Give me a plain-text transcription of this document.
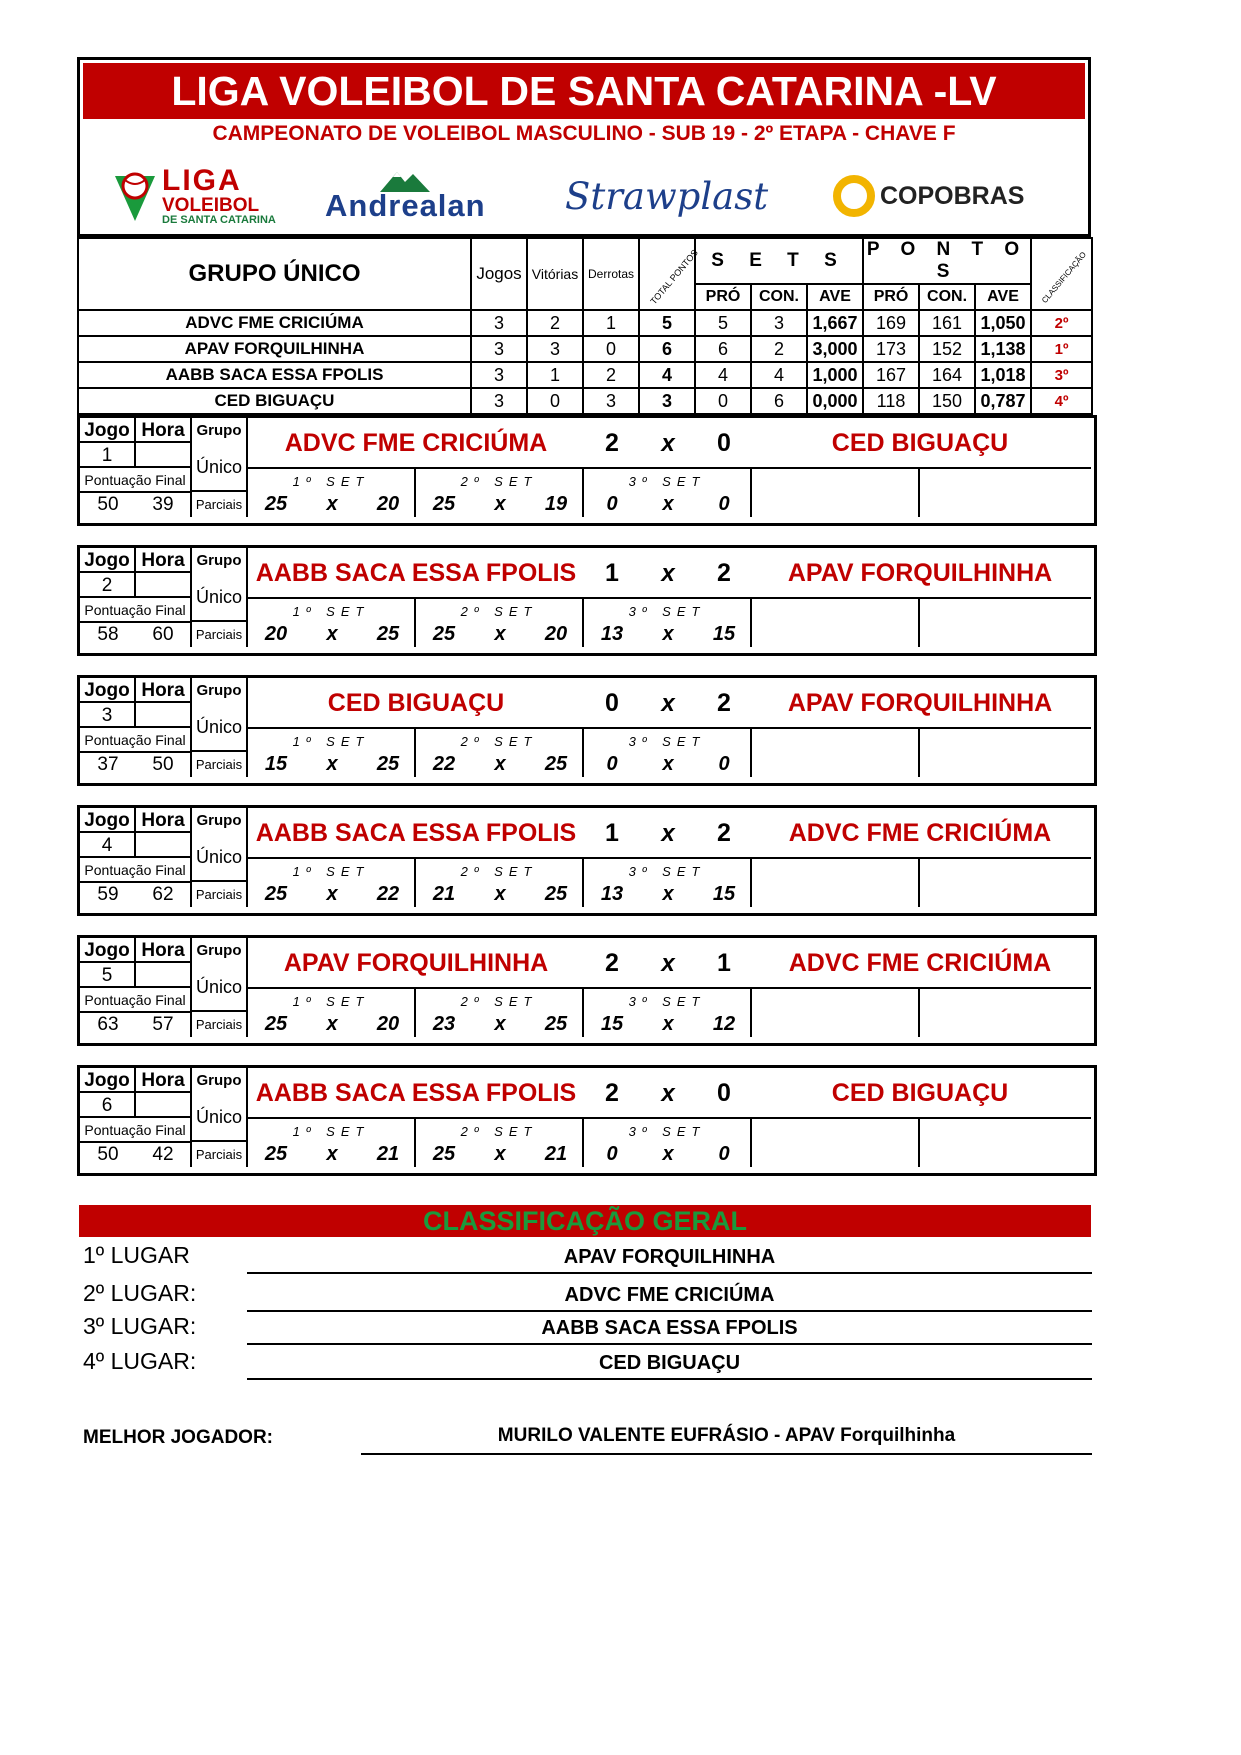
LIGA VOLEIBOL DE SANTA CATARINA -LV
CAMPEONATO DE VOLEIBOL MASCULINO - SUB 19 - 2º ETAPA - CHAVE F
LIGA
VOLEIBOL
DE SANTA CATARINA Andrealan Strawplast	COPOBRAS
GRUPO ÚNICO	Jogos	Vitórias	Derrotas	TOTAL PONTOS	S E T S			P O N T O S			CLASSIFICAÇÃO
					PRÓ	CON.	AVE	PRÓ	CON.	AVE	
ADVC FME CRICIÚMA	3	2	1	5	5	3	1,667	169	161	1,050	2º
APAV FORQUILHINHA	3	3	0	6	6	2	3,000	173	152	1,138	1º
AABB SACA ESSA FPOLIS	3	1	2	4	4	4	1,000	167	164	1,018	3º
CED BIGUAÇU	3	0	3	3	0	6	0,000	118	150	0,787	4º
Jogo Hora Grupo
1
Único
Pontuação Final
50	39	Parciais
ADVC FME CRICIÚMA	2	x	0	CED BIGUAÇU
1º SET
25	x	20
2º SET
25	x	19
3º SET
0	x	0
Jogo Hora Grupo
2
Único
Pontuação Final
58	60	Parciais
AABB SACA ESSA FPOLIS	1	x	2	APAV FORQUILHINHA
1º SET
20	x	25
2º SET
25	x	20
3º SET
13	x	15
Jogo Hora Grupo
3
Único
Pontuação Final
37	50	Parciais
CED BIGUAÇU	0	x	2	APAV FORQUILHINHA
1º SET
15	x	25
2º SET
22	x	25
3º SET
0	x	0
Jogo Hora Grupo
4
Único
Pontuação Final
59	62	Parciais
AABB SACA ESSA FPOLIS	1	x	2	ADVC FME CRICIÚMA
1º SET
25	x	22
2º SET
21	x	25
3º SET
13	x	15
Jogo Hora Grupo
5
Único
Pontuação Final
63	57	Parciais
APAV FORQUILHINHA	2	x	1	ADVC FME CRICIÚMA
1º SET
25	x	20
2º SET
23	x	25
3º SET
15	x	12
Jogo Hora Grupo
6
Único
Pontuação Final
50	42	Parciais
AABB SACA ESSA FPOLIS	2	x	0	CED BIGUAÇU
1º SET
25	x	21
2º SET
25	x	21
3º SET
0	x	0
CLASSIFICAÇÃO GERAL
1º LUGAR	APAV FORQUILHINHA
2º LUGAR:	ADVC FME CRICIÚMA
3º LUGAR:	AABB SACA ESSA FPOLIS
4º LUGAR:	CED BIGUAÇU
MELHOR JOGADOR:	MURILO VALENTE EUFRÁSIO - APAV Forquilhinha
